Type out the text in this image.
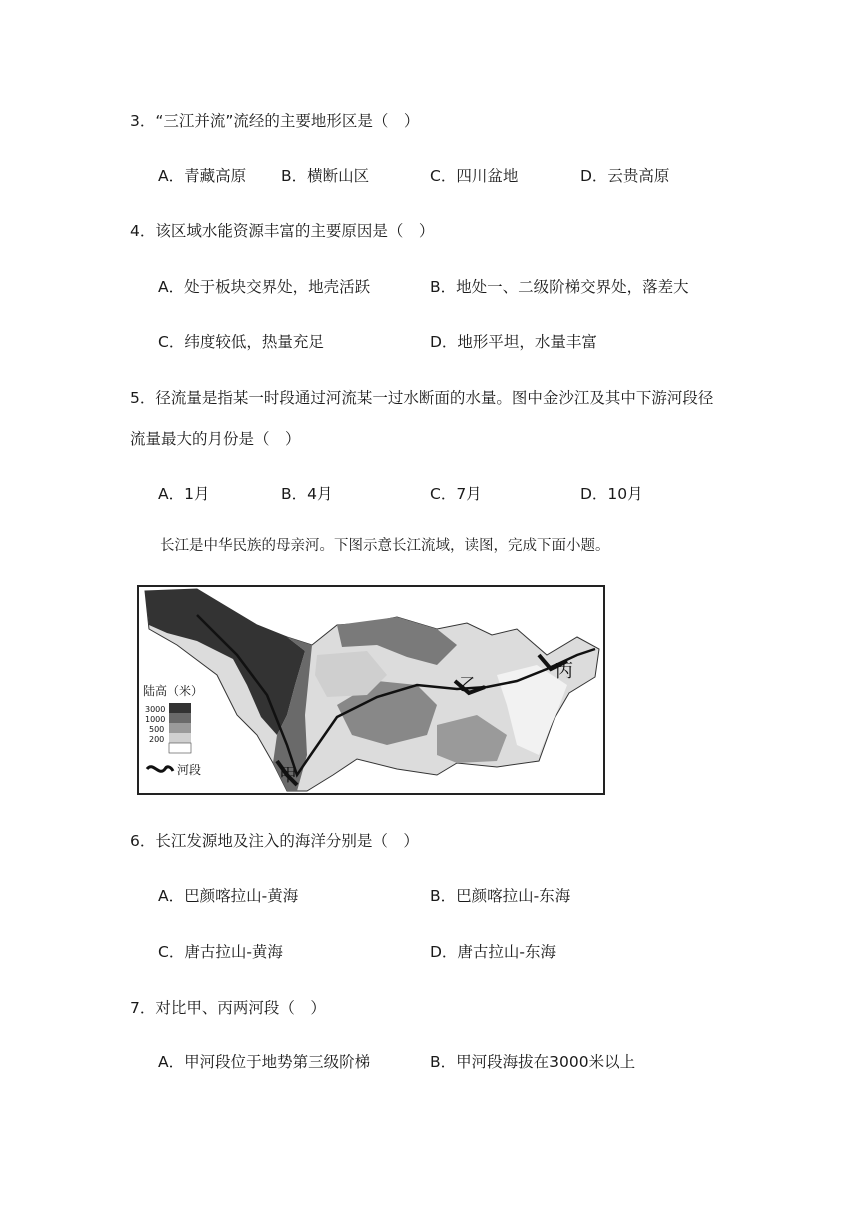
3．“三江并流”流经的主要地形区是（　）
A．青藏高原 B．横断山区	C．四川盆地	D．云贵高原
4．该区域水能资源丰富的主要原因是（　）
A．处于板块交界处，地壳活跃	B．地处一、二级阶梯交界处，落差大
C．纬度较低，热量充足	D．地形平坦，水量丰富
5．径流量是指某一时段通过河流某一过水断面的水量。图中金沙江及其中下游河段径
流量最大的月份是（　）
A．1月	B．4月	C．7月	D．10月
长江是中华民族的母亲河。下图示意长江流域，读图，完成下面小题。
陆高（米）
3000
1000
500
200
河段	甲
乙
丙
6．长江发源地及注入的海洋分别是（　）
A．巴颜喀拉山-黄海	B．巴颜喀拉山-东海
C．唐古拉山-黄海	D．唐古拉山-东海
7．对比甲、丙两河段（　）
A．甲河段位于地势第三级阶梯	B．甲河段海拔在3000米以上
